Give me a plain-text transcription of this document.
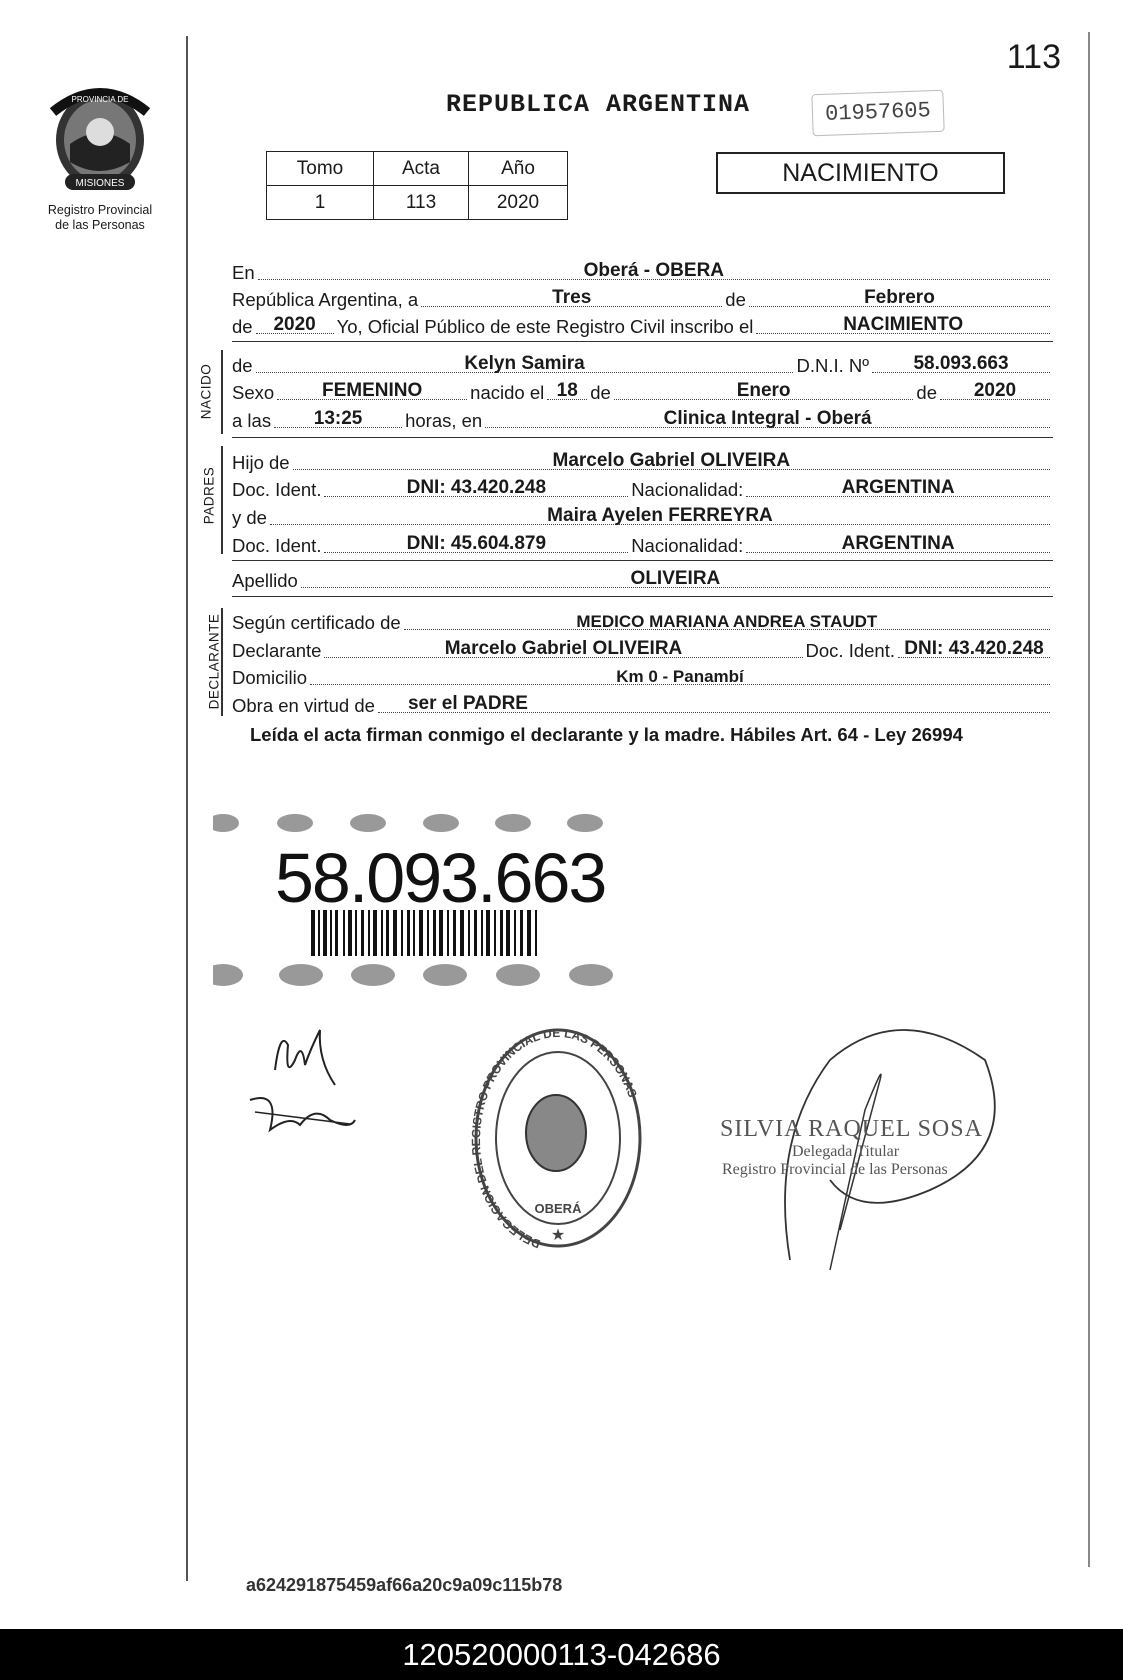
113
MISIONES
PROVINCIA DE
Registro Provincial
de las Personas
REPUBLICA ARGENTINA	01957605
Tomo	Acta	Año
1	113	2020
NACIMIENTO
En	Oberá - OBERA
República Argentina, a	Tres	de	Febrero
de	2020	Yo, Oficial Público de este Registro Civil inscribo el	NACIMIENTO
NACIDO de	Kelyn Samira	D.N.I. Nº	58.093.663
Sexo	FEMENINO	nacido el 18 de	Enero	de	2020
a las	13:25	horas, en	Clinica Integral - Oberá
PADRES
Hijo de	Marcelo Gabriel OLIVEIRA
Doc. Ident.	DNI: 43.420.248	Nacionalidad:	ARGENTINA
y de	Maira Ayelen FERREYRA
Doc. Ident.	DNI: 45.604.879	Nacionalidad:	ARGENTINA
Apellido	OLIVEIRA
DECLARANTE Según certificado de	MEDICO MARIANA ANDREA STAUDT
Declarante	Marcelo Gabriel OLIVEIRA	Doc. Ident. DNI: 43.420.248
Domicilio	Km 0 - Panambí
Obra en virtud de	ser el PADRE
Leída el acta firman conmigo el declarante y la madre. Hábiles Art. 64 - Ley 26994
58.093.663
DELEGACION DEL REGISTRO PROVINCIAL DE LAS PERSONAS
OBERÁ
★
SILVIA RAQUEL SOSA
Delegada Titular
Registro Provincial de las Personas
a624291875459af66a20c9a09c115b78
120520000113-042686
